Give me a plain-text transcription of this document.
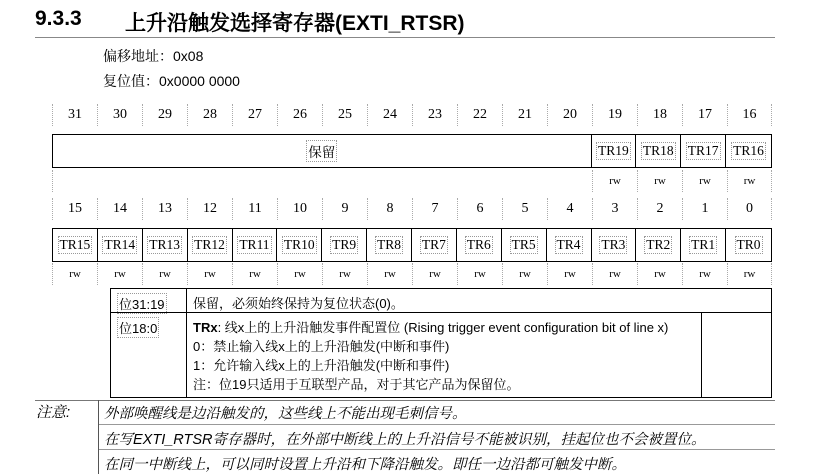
9.3.3 上升沿触发选择寄存器(EXTI_RTSR)
偏移地址：0x08
复位值：0x0000 0000
31	30	29	28	27	26	25	24	23	22	21	20	19	18	17	16
保留	TR19 TR18 TR17 TR16
rw	rw	rw	rw
15	14	13	12	11	10	9	8	7	6	5	4	3	2	1	0
TR15 TR14 TR13 TR12 TR11 TR10 TR9 TR8 TR7 TR6 TR5 TR4 TR3 TR2 TR1 TR0
rw	rw	rw	rw	rw	rw	rw	rw	rw	rw	rw	rw	rw	rw	rw	rw
位31:19 保留，必须始终保持为复位状态(0)。
位18:0	TRx: 线x上的上升沿触发事件配置位 (Rising trigger event configuration bit of line x)
0：禁止输入线x上的上升沿触发(中断和事件)
1：允许输入线x上的上升沿触发(中断和事件)
注：位19只适用于互联型产品，对于其它产品为保留位。
注意: 外部唤醒线是边沿触发的，这些线上不能出现毛刺信号。
在写EXTI_RTSR寄存器时，在外部中断线上的上升沿信号不能被识别，挂起位也不会被置位。
在同一中断线上，可以同时设置上升沿和下降沿触发。即任一边沿都可触发中断。
